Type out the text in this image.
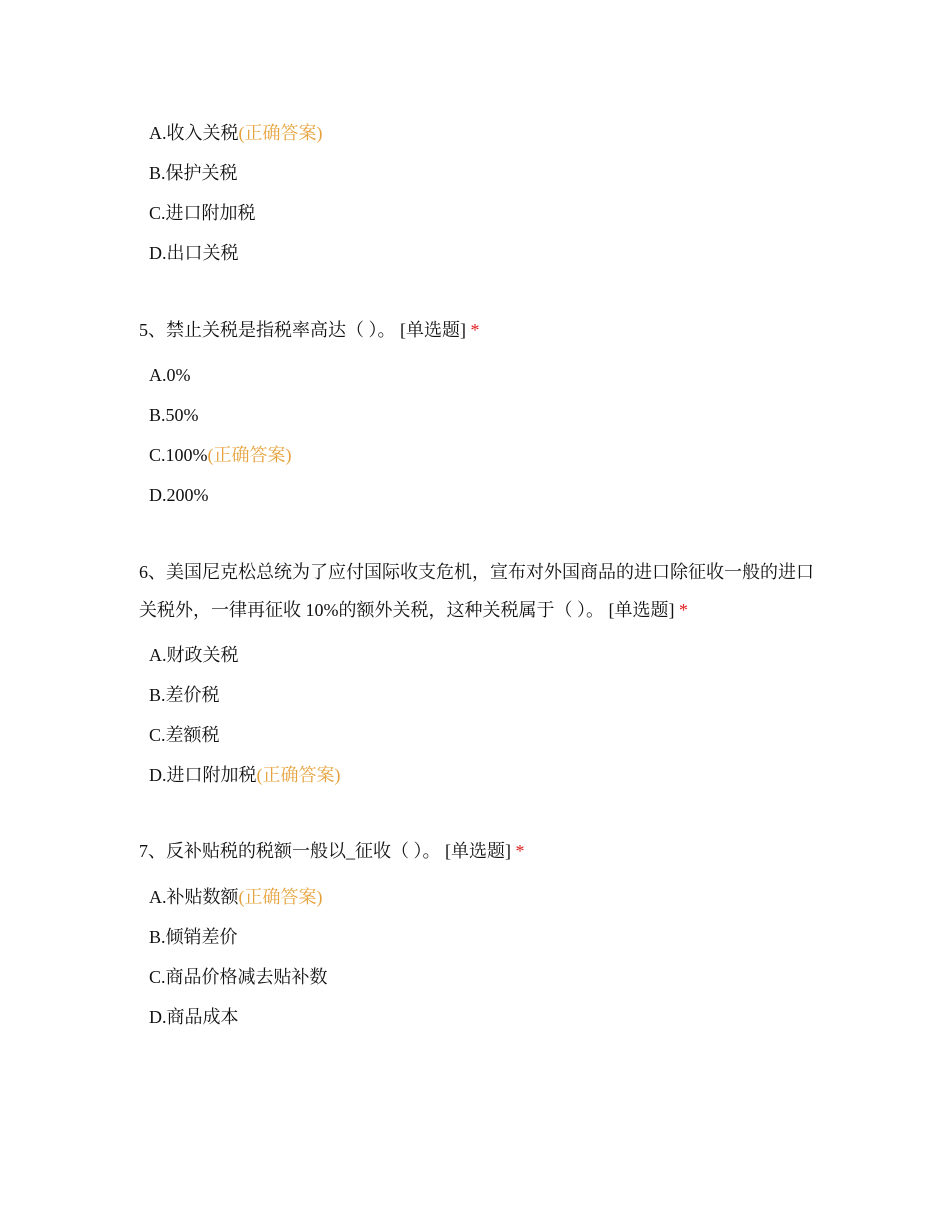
A.收入关税(正确答案)
B.保护关税
C.进口附加税
D.出口关税
5、禁止关税是指税率高达（ ）。 [单选题] *
A.0%
B.50%
C.100%(正确答案)
D.200%
6、美国尼克松总统为了应付国际收支危机，宣布对外国商品的进口除征收一般的进口关税外，一律再征收 10%的额外关税，这种关税属于（ ）。 [单选题] *
A.财政关税
B.差价税
C.差额税
D.进口附加税(正确答案)
7、反补贴税的税额一般以_征收（ ）。 [单选题] *
A.补贴数额(正确答案)
B.倾销差价
C.商品价格减去贴补数
D.商品成本
